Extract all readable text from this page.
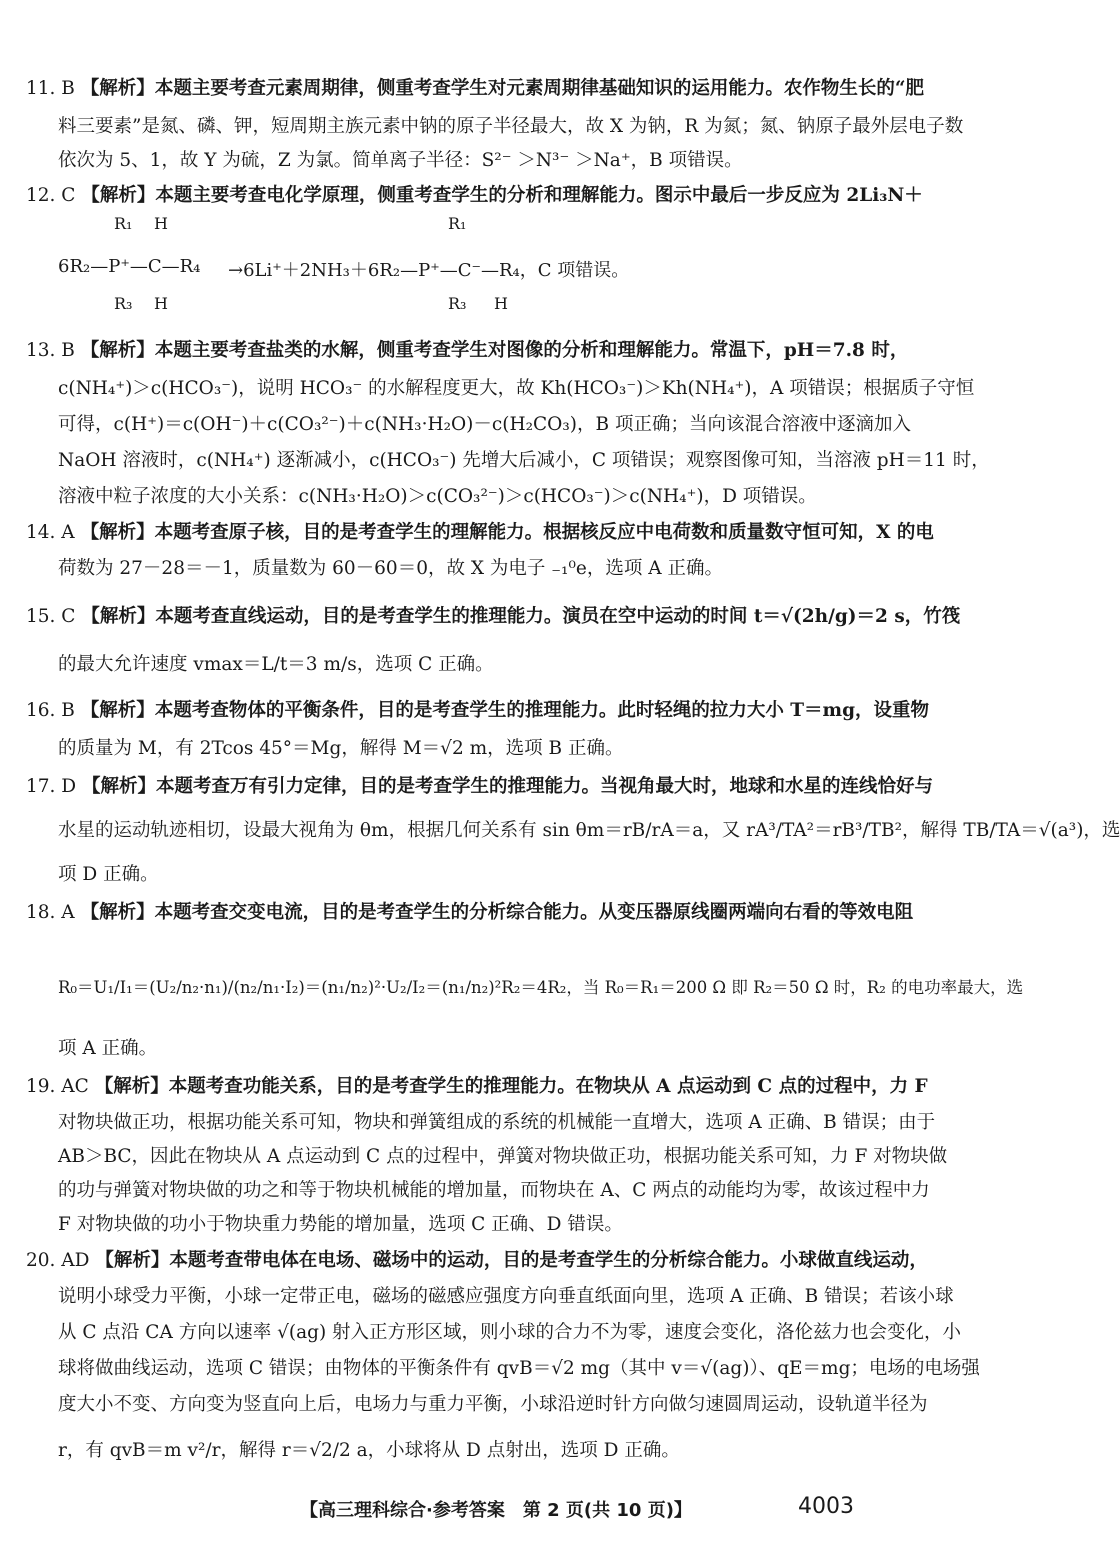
11. B 【解析】本题主要考查元素周期律，侧重考查学生对元素周期律基础知识的运用能力。农作物生长的“肥
料三要素”是氮、磷、钾，短周期主族元素中钠的原子半径最大，故 X 为钠，R 为氮；氮、钠原子最外层电子数
依次为 5、1，故 Y 为硫，Z 为氯。简单离子半径：S²⁻ ＞N³⁻ ＞Na⁺，B 项错误。
12. C 【解析】本题主要考查电化学原理，侧重考查学生的分析和理解能力。图示中最后一步反应为 2Li₃N＋
R₁ H
6R₂—P⁺—C—R₄
R₃ H
→6Li⁺＋2NH₃＋6R₂—P⁺—C⁻—R₄，C 项错误。
R₁
R₃ H
13. B 【解析】本题主要考查盐类的水解，侧重考查学生对图像的分析和理解能力。常温下，pH＝7.8 时，
c(NH₄⁺)＞c(HCO₃⁻)，说明 HCO₃⁻ 的水解程度更大，故 Kh(HCO₃⁻)＞Kh(NH₄⁺)，A 项错误；根据质子守恒
可得，c(H⁺)＝c(OH⁻)＋c(CO₃²⁻)＋c(NH₃·H₂O)－c(H₂CO₃)，B 项正确；当向该混合溶液中逐滴加入
NaOH 溶液时，c(NH₄⁺) 逐渐减小，c(HCO₃⁻) 先增大后减小，C 项错误；观察图像可知，当溶液 pH＝11 时，
溶液中粒子浓度的大小关系：c(NH₃·H₂O)＞c(CO₃²⁻)＞c(HCO₃⁻)＞c(NH₄⁺)，D 项错误。
14. A 【解析】本题考查原子核，目的是考查学生的理解能力。根据核反应中电荷数和质量数守恒可知，X 的电
荷数为 27－28＝－1，质量数为 60－60＝0，故 X 为电子 ₋₁⁰e，选项 A 正确。
15. C 【解析】本题考查直线运动，目的是考查学生的推理能力。演员在空中运动的时间 t＝√(2h/g)＝2 s，竹筏
的最大允许速度 vmax＝L/t＝3 m/s，选项 C 正确。
16. B 【解析】本题考查物体的平衡条件，目的是考查学生的推理能力。此时轻绳的拉力大小 T＝mg，设重物
的质量为 M，有 2Tcos 45°＝Mg，解得 M＝√2 m，选项 B 正确。
17. D 【解析】本题考查万有引力定律，目的是考查学生的推理能力。当视角最大时，地球和水星的连线恰好与
水星的运动轨迹相切，设最大视角为 θm，根据几何关系有 sin θm＝rB/rA＝a，又 rA³/TA²＝rB³/TB²，解得 TB/TA＝√(a³)，选
项 D 正确。
18. A 【解析】本题考查交变电流，目的是考查学生的分析综合能力。从变压器原线圈两端向右看的等效电阻
R₀＝U₁/I₁＝(U₂/n₂·n₁)/(n₂/n₁·I₂)＝(n₁/n₂)²·U₂/I₂＝(n₁/n₂)²R₂＝4R₂，当 R₀＝R₁＝200 Ω 即 R₂＝50 Ω 时，R₂ 的电功率最大，选
项 A 正确。
19. AC 【解析】本题考查功能关系，目的是考查学生的推理能力。在物块从 A 点运动到 C 点的过程中，力 F
对物块做正功，根据功能关系可知，物块和弹簧组成的系统的机械能一直增大，选项 A 正确、B 错误；由于
AB＞BC，因此在物块从 A 点运动到 C 点的过程中，弹簧对物块做正功，根据功能关系可知，力 F 对物块做
的功与弹簧对物块做的功之和等于物块机械能的增加量，而物块在 A、C 两点的动能均为零，故该过程中力
F 对物块做的功小于物块重力势能的增加量，选项 C 正确、D 错误。
20. AD 【解析】本题考查带电体在电场、磁场中的运动，目的是考查学生的分析综合能力。小球做直线运动，
说明小球受力平衡，小球一定带正电，磁场的磁感应强度方向垂直纸面向里，选项 A 正确、B 错误；若该小球
从 C 点沿 CA 方向以速率 √(ag) 射入正方形区域，则小球的合力不为零，速度会变化，洛伦兹力也会变化，小
球将做曲线运动，选项 C 错误；由物体的平衡条件有 qvB＝√2 mg（其中 v＝√(ag)）、qE＝mg；电场的电场强
度大小不变、方向变为竖直向上后，电场力与重力平衡，小球沿逆时针方向做匀速圆周运动，设轨道半径为
r，有 qvB＝m v²/r，解得 r＝√2/2 a，小球将从 D 点射出，选项 D 正确。
【高三理科综合·参考答案　第 2 页(共 10 页)】	4003
